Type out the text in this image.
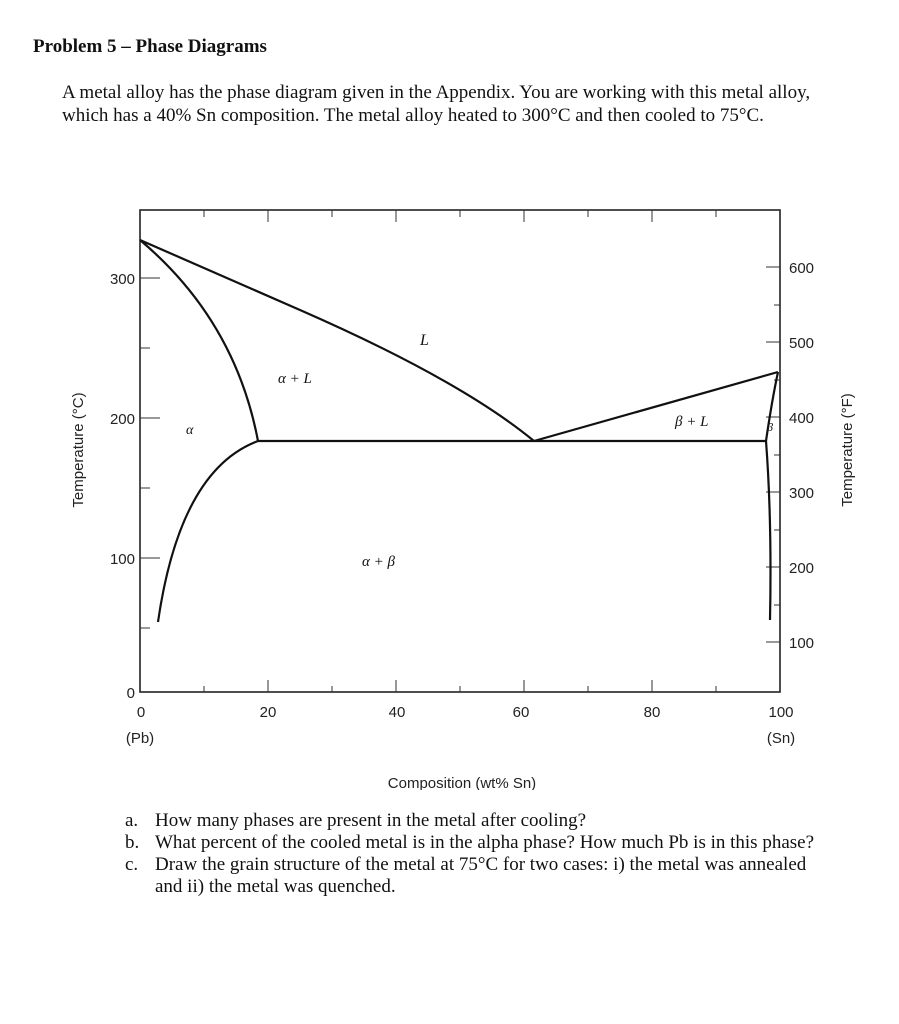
Problem 5 – Phase Diagrams
A metal alloy has the phase diagram given in the Appendix. You are working with this metal alloy, which has a 40% Sn composition. The metal alloy heated to 300°C and then cooled to 75°C.
300
200
100
0
600
500
400
300
200
100
0	20	40	60	80	100
(Pb)	(Sn)
Composition (wt% Sn)
Temperature (°C)	Temperature (°F)
L
α
α + L
β + L	β
α + β
a. How many phases are present in the metal after cooling?
b. What percent of the cooled metal is in the alpha phase? How much Pb is in this phase?
c. Draw the grain structure of the metal at 75°C for two cases: i) the metal was annealed and ii) the metal was quenched.
